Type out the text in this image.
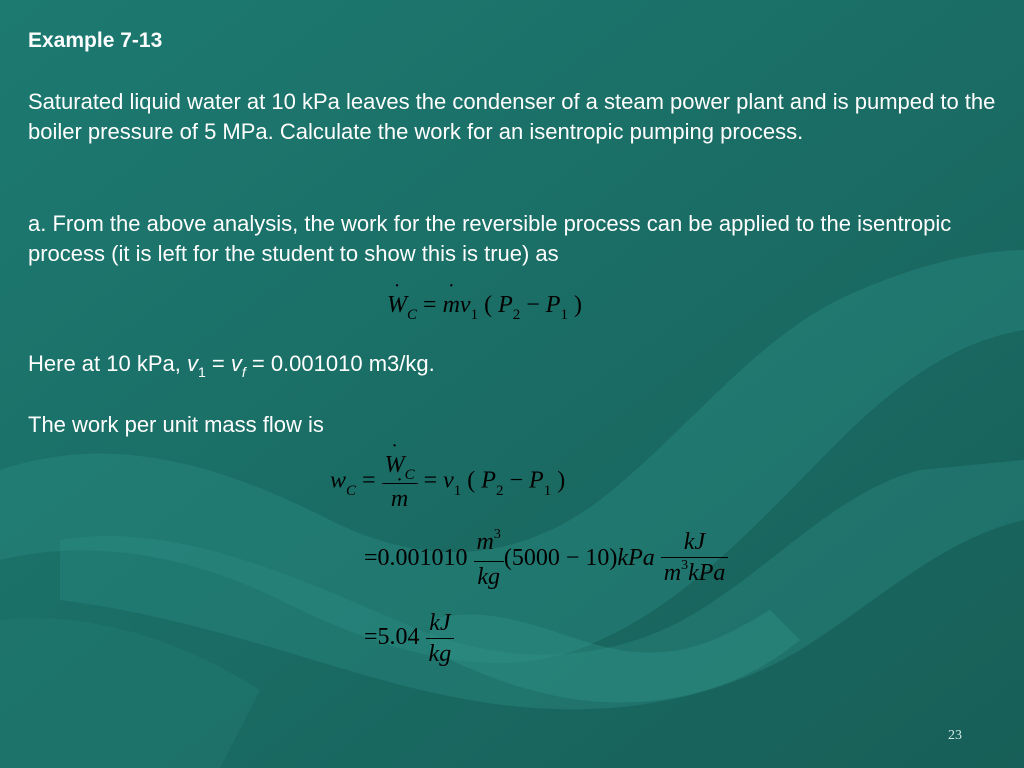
Example 7-13
Saturated liquid water at 10 kPa leaves the condenser of a steam power plant and is pumped to the boiler pressure of 5 MPa. Calculate the work for an isentropic pumping process.
a. From the above analysis, the work for the reversible process can be applied to the isentropic process (it is left for the student to show this is true) as
˙ $W_C$ = ˙ $mv_1$ ( $P_2 - P_1$ )
Here at 10 kPa, $v_1 = v_f = 0.001010$ m3/kg.
The work per unit mass flow is
$w_C$ = ˙ $W_C$
˙ $m = v_1$ ( $P_2 - P_1$ )
$=0.001010 \frac{m^3}{kg} (5000 - 10)kPa \frac{kJ}{m^3kPa}$
$=5.04 \frac{kJ}{kg}$
23
